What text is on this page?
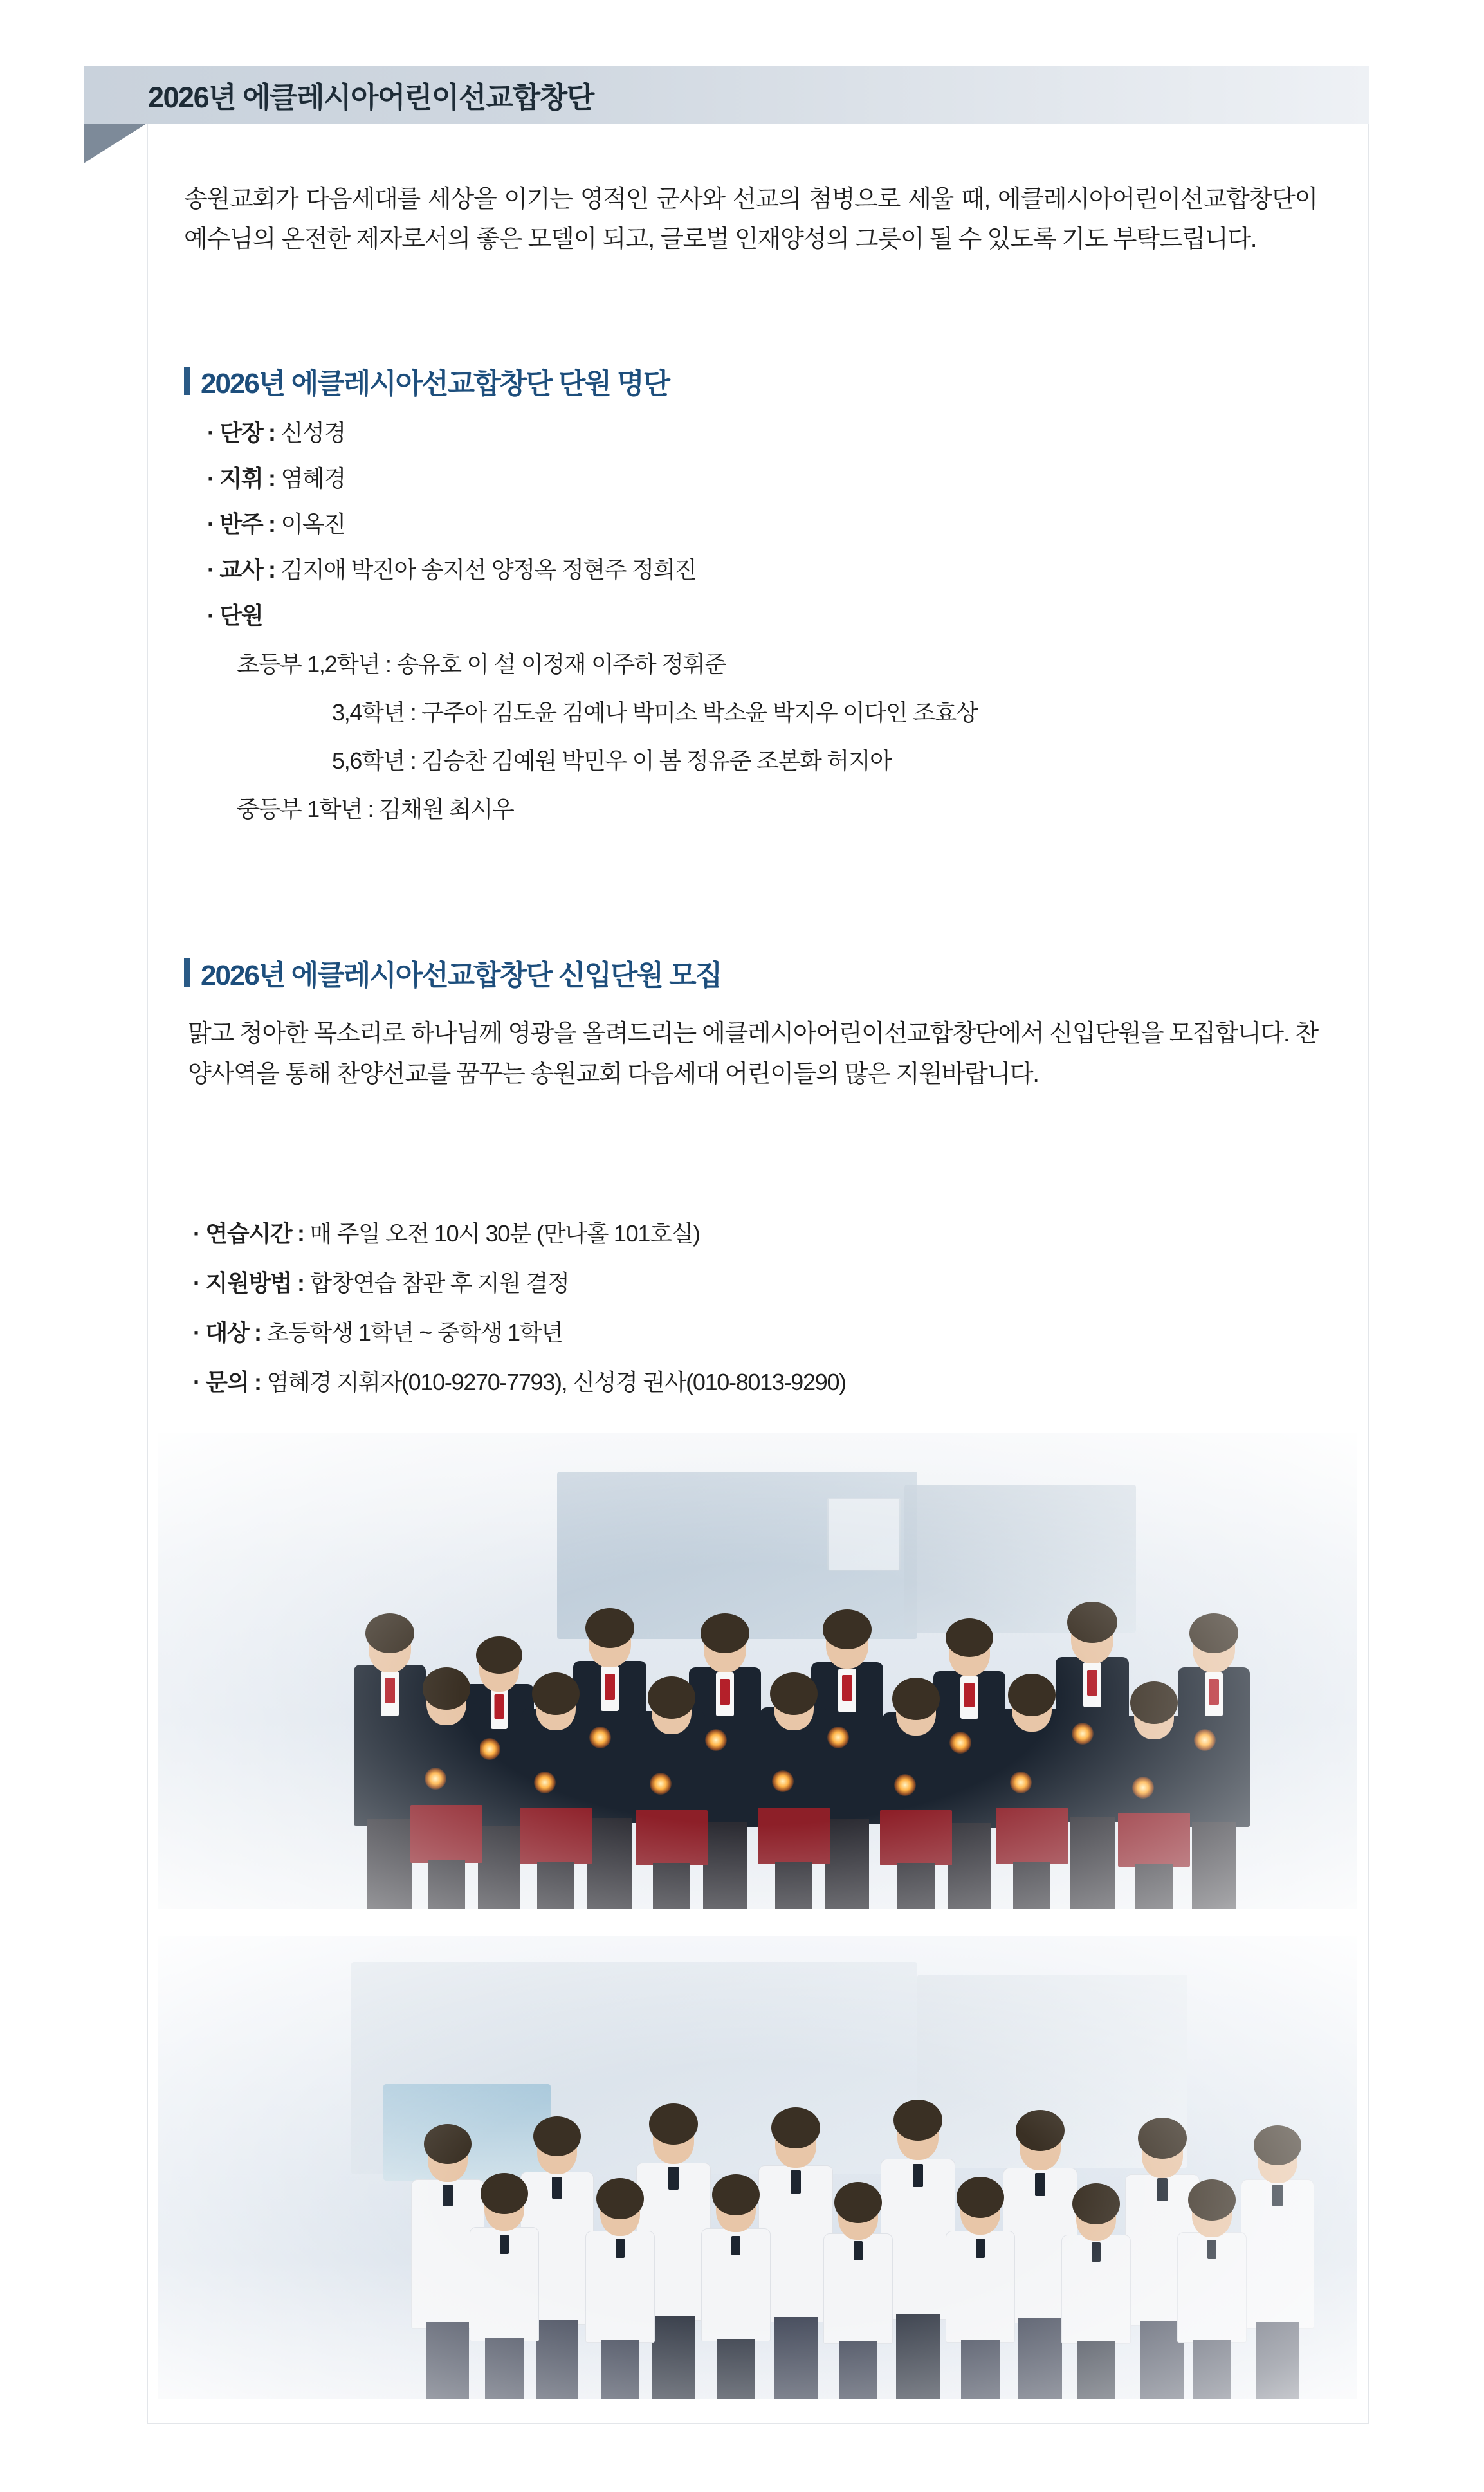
2026년 에클레시아어린이선교합창단
송원교회가 다음세대를 세상을 이기는 영적인 군사와 선교의 첨병으로 세울 때, 에클레시아어린이선교합창단이 예수님의 온전한 제자로서의 좋은 모델이 되고, 글로벌 인재양성의 그릇이 될 수 있도록 기도 부탁드립니다.
2026년 에클레시아선교합창단 단원 명단
· 단장 : 신성경
· 지휘 : 염혜경
· 반주 : 이옥진
· 교사 : 김지애 박진아 송지선 양정옥 정현주 정희진
· 단원
초등부 1,2학년 : 송유호 이 설 이정재 이주하 정휘준
3,4학년 : 구주아 김도윤 김예나 박미소 박소윤 박지우 이다인 조효상
5,6학년 : 김승찬 김예원 박민우 이 봄 정유준 조본화 허지아
중등부 1학년 : 김채원 최시우
2026년 에클레시아선교합창단 신입단원 모집
맑고 청아한 목소리로 하나님께 영광을 올려드리는 에클레시아어린이선교합창단에서 신입단원을 모집합니다. 찬양사역을 통해 찬양선교를 꿈꾸는 송원교회 다음세대 어린이들의 많은 지원바랍니다.
· 연습시간 : 매 주일 오전 10시 30분 (만나홀 101호실)
· 지원방법 : 합창연습 참관 후 지원 결정
· 대상 : 초등학생 1학년 ~ 중학생 1학년
· 문의 : 염혜경 지휘자(010-9270-7793), 신성경 권사(010-8013-9290)
